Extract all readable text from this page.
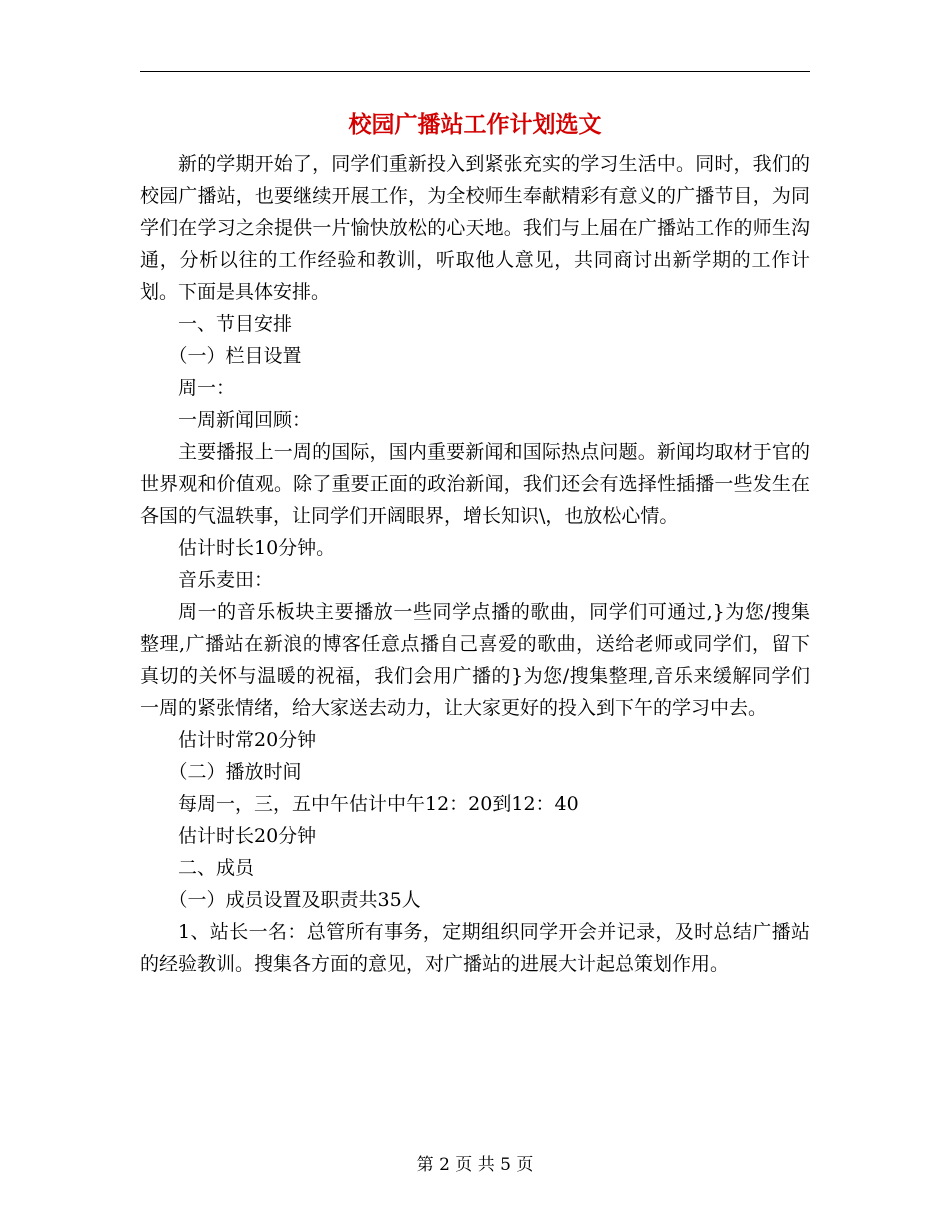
校园广播站工作计划选文

新的学期开始了，同学们重新投入到紧张充实的学习生活中。同时，我们的校园广播站，也要继续开展工作，为全校师生奉献精彩有意义的广播节目，为同学们在学习之余提供一片愉快放松的心天地。我们与上届在广播站工作的师生沟通，分析以往的工作经验和教训，听取他人意见，共同商讨出新学期的工作计划。下面是具体安排。

一、节目安排

（一）栏目设置

周一：

一周新闻回顾：

主要播报上一周的国际，国内重要新闻和国际热点问题。新闻均取材于官的世界观和价值观。除了重要正面的政治新闻，我们还会有选择性插播一些发生在各国的气温轶事，让同学们开阔眼界，增长知识\，也放松心情。

估计时长10分钟。

音乐麦田：

周一的音乐板块主要播放一些同学点播的歌曲，同学们可通过,}为您/搜集整理,广播站在新浪的博客任意点播自己喜爱的歌曲，送给老师或同学们，留下真切的关怀与温暖的祝福，我们会用广播的}为您/搜集整理,音乐来缓解同学们一周的紧张情绪，给大家送去动力，让大家更好的投入到下午的学习中去。

估计时常20分钟

（二）播放时间

每周一，三，五中午估计中午12：20到12：40

估计时长20分钟

二、成员

（一）成员设置及职责共35人

1、站长一名：总管所有事务，定期组织同学开会并记录，及时总结广播站的经验教训。搜集各方面的意见，对广播站的进展大计起总策划作用。

第 2 页 共 5 页
